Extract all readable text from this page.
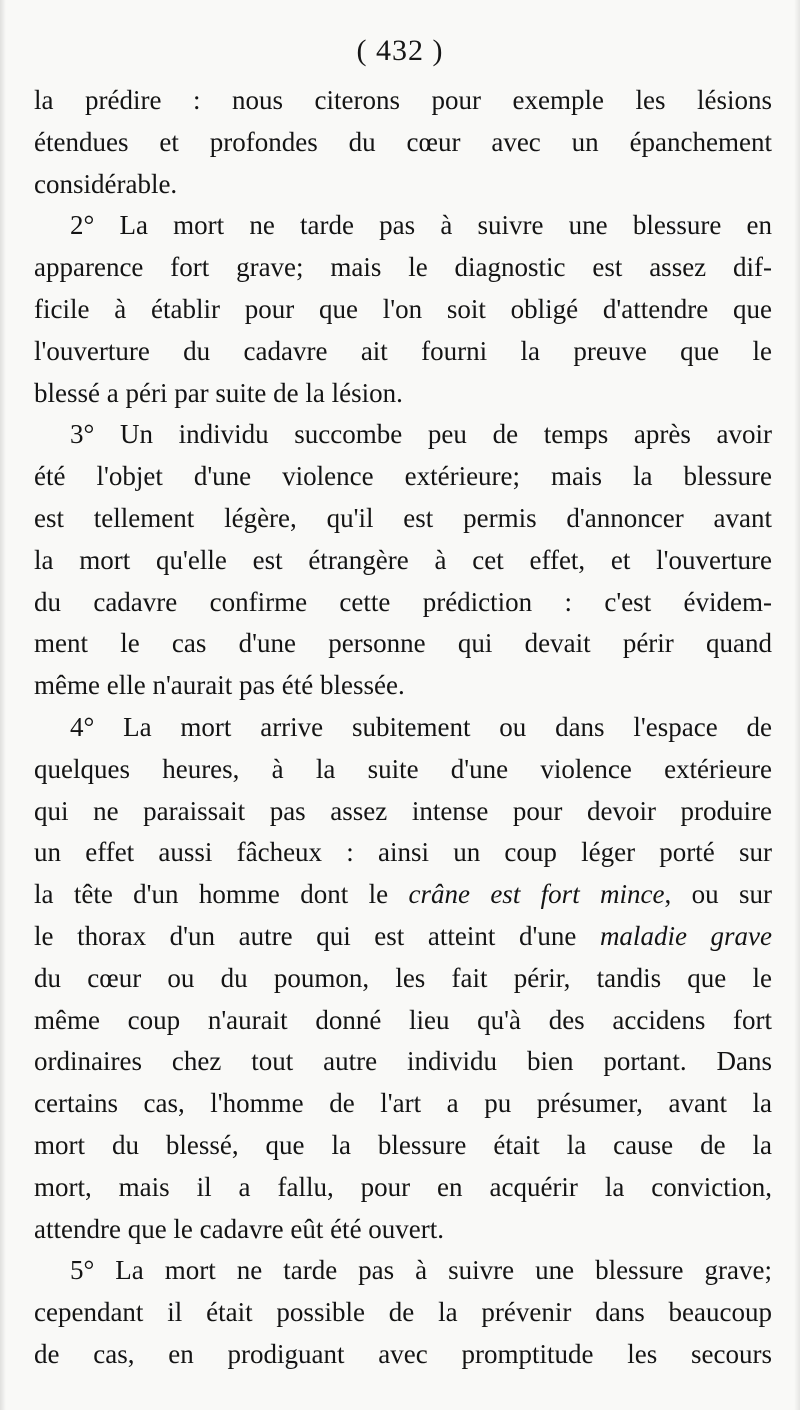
( 432 )
la prédire : nous citerons pour exemple les lésions
étendues et profondes du cœur avec un épanchement
considérable.
2° La mort ne tarde pas à suivre une blessure en
apparence fort grave; mais le diagnostic est assez dif-
ficile à établir pour que l'on soit obligé d'attendre que
l'ouverture du cadavre ait fourni la preuve que le
blessé a péri par suite de la lésion.
3° Un individu succombe peu de temps après avoir
été l'objet d'une violence extérieure; mais la blessure
est tellement légère, qu'il est permis d'annoncer avant
la mort qu'elle est étrangère à cet effet, et l'ouverture
du cadavre confirme cette prédiction : c'est évidem-
ment le cas d'une personne qui devait périr quand
même elle n'aurait pas été blessée.
4° La mort arrive subitement ou dans l'espace de
quelques heures, à la suite d'une violence extérieure
qui ne paraissait pas assez intense pour devoir produire
un effet aussi fâcheux : ainsi un coup léger porté sur
la tête d'un homme dont le crâne est fort mince, ou sur
le thorax d'un autre qui est atteint d'une maladie grave
du cœur ou du poumon, les fait périr, tandis que le
même coup n'aurait donné lieu qu'à des accidens fort
ordinaires chez tout autre individu bien portant. Dans
certains cas, l'homme de l'art a pu présumer, avant la
mort du blessé, que la blessure était la cause de la
mort, mais il a fallu, pour en acquérir la conviction,
attendre que le cadavre eût été ouvert.
5° La mort ne tarde pas à suivre une blessure grave;
cependant il était possible de la prévenir dans beaucoup
de cas, en prodiguant avec promptitude les secours
